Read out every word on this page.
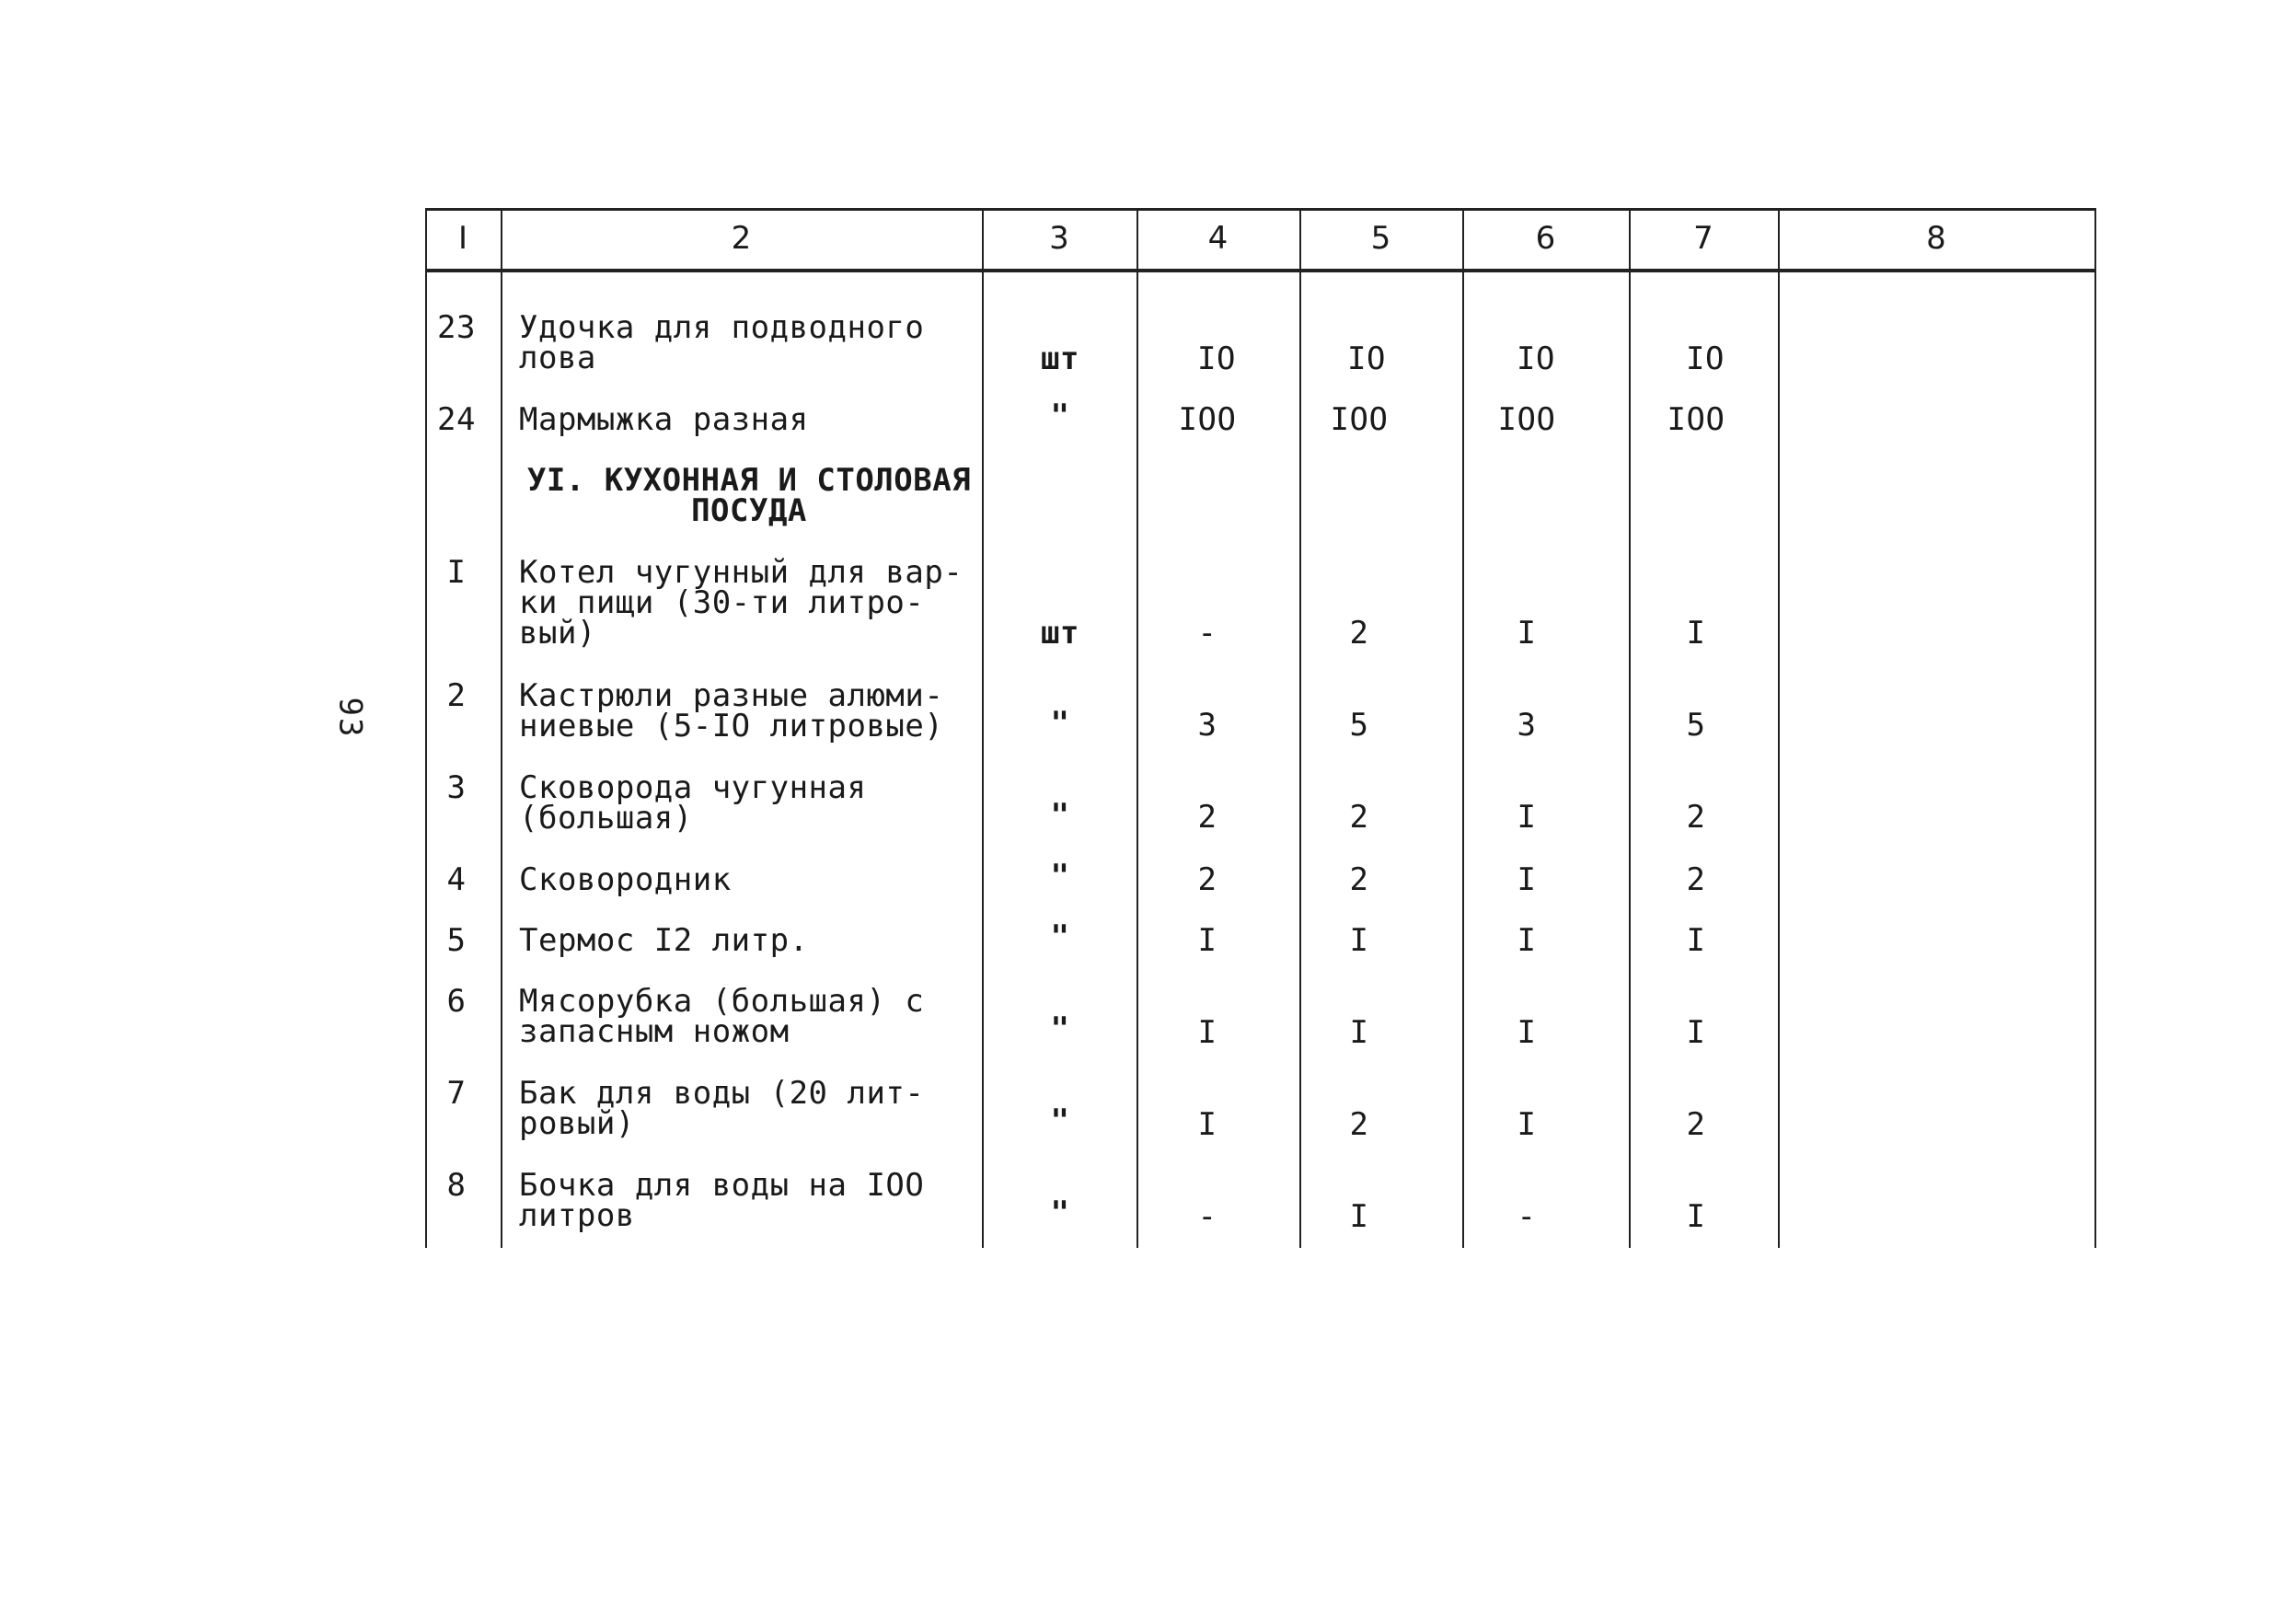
93
I	2	3	4	5	6	7	8
23 Удочка для подводного
лова	шт	IO	IO	IO	IO
24 Мармыжка разная	"	IOO	IOO	IOO	IOO
УI. КУХОННАЯ И СТОЛОВАЯ
ПОСУДА
I	Котел чугунный для вар-
ки пищи (30-ти литро-
вый)	шт	-	2	I	I
2	Кастрюли разные алюми-
ниевые (5-IO литровые)	"	3	5	3	5
3	Сковорода чугунная
(большая)	"	2	2	I	2
4	Сковородник	"	2	2	I	2
5	Термос I2 литр.	"	I	I	I	I
6	Мясорубка (большая) с
запасным ножом	"	I	I	I	I
7	Бак для воды (20 лит-
ровый)	"	I	2	I	2
8	Бочка для воды на IOO
литров	"	-	I	-	I
